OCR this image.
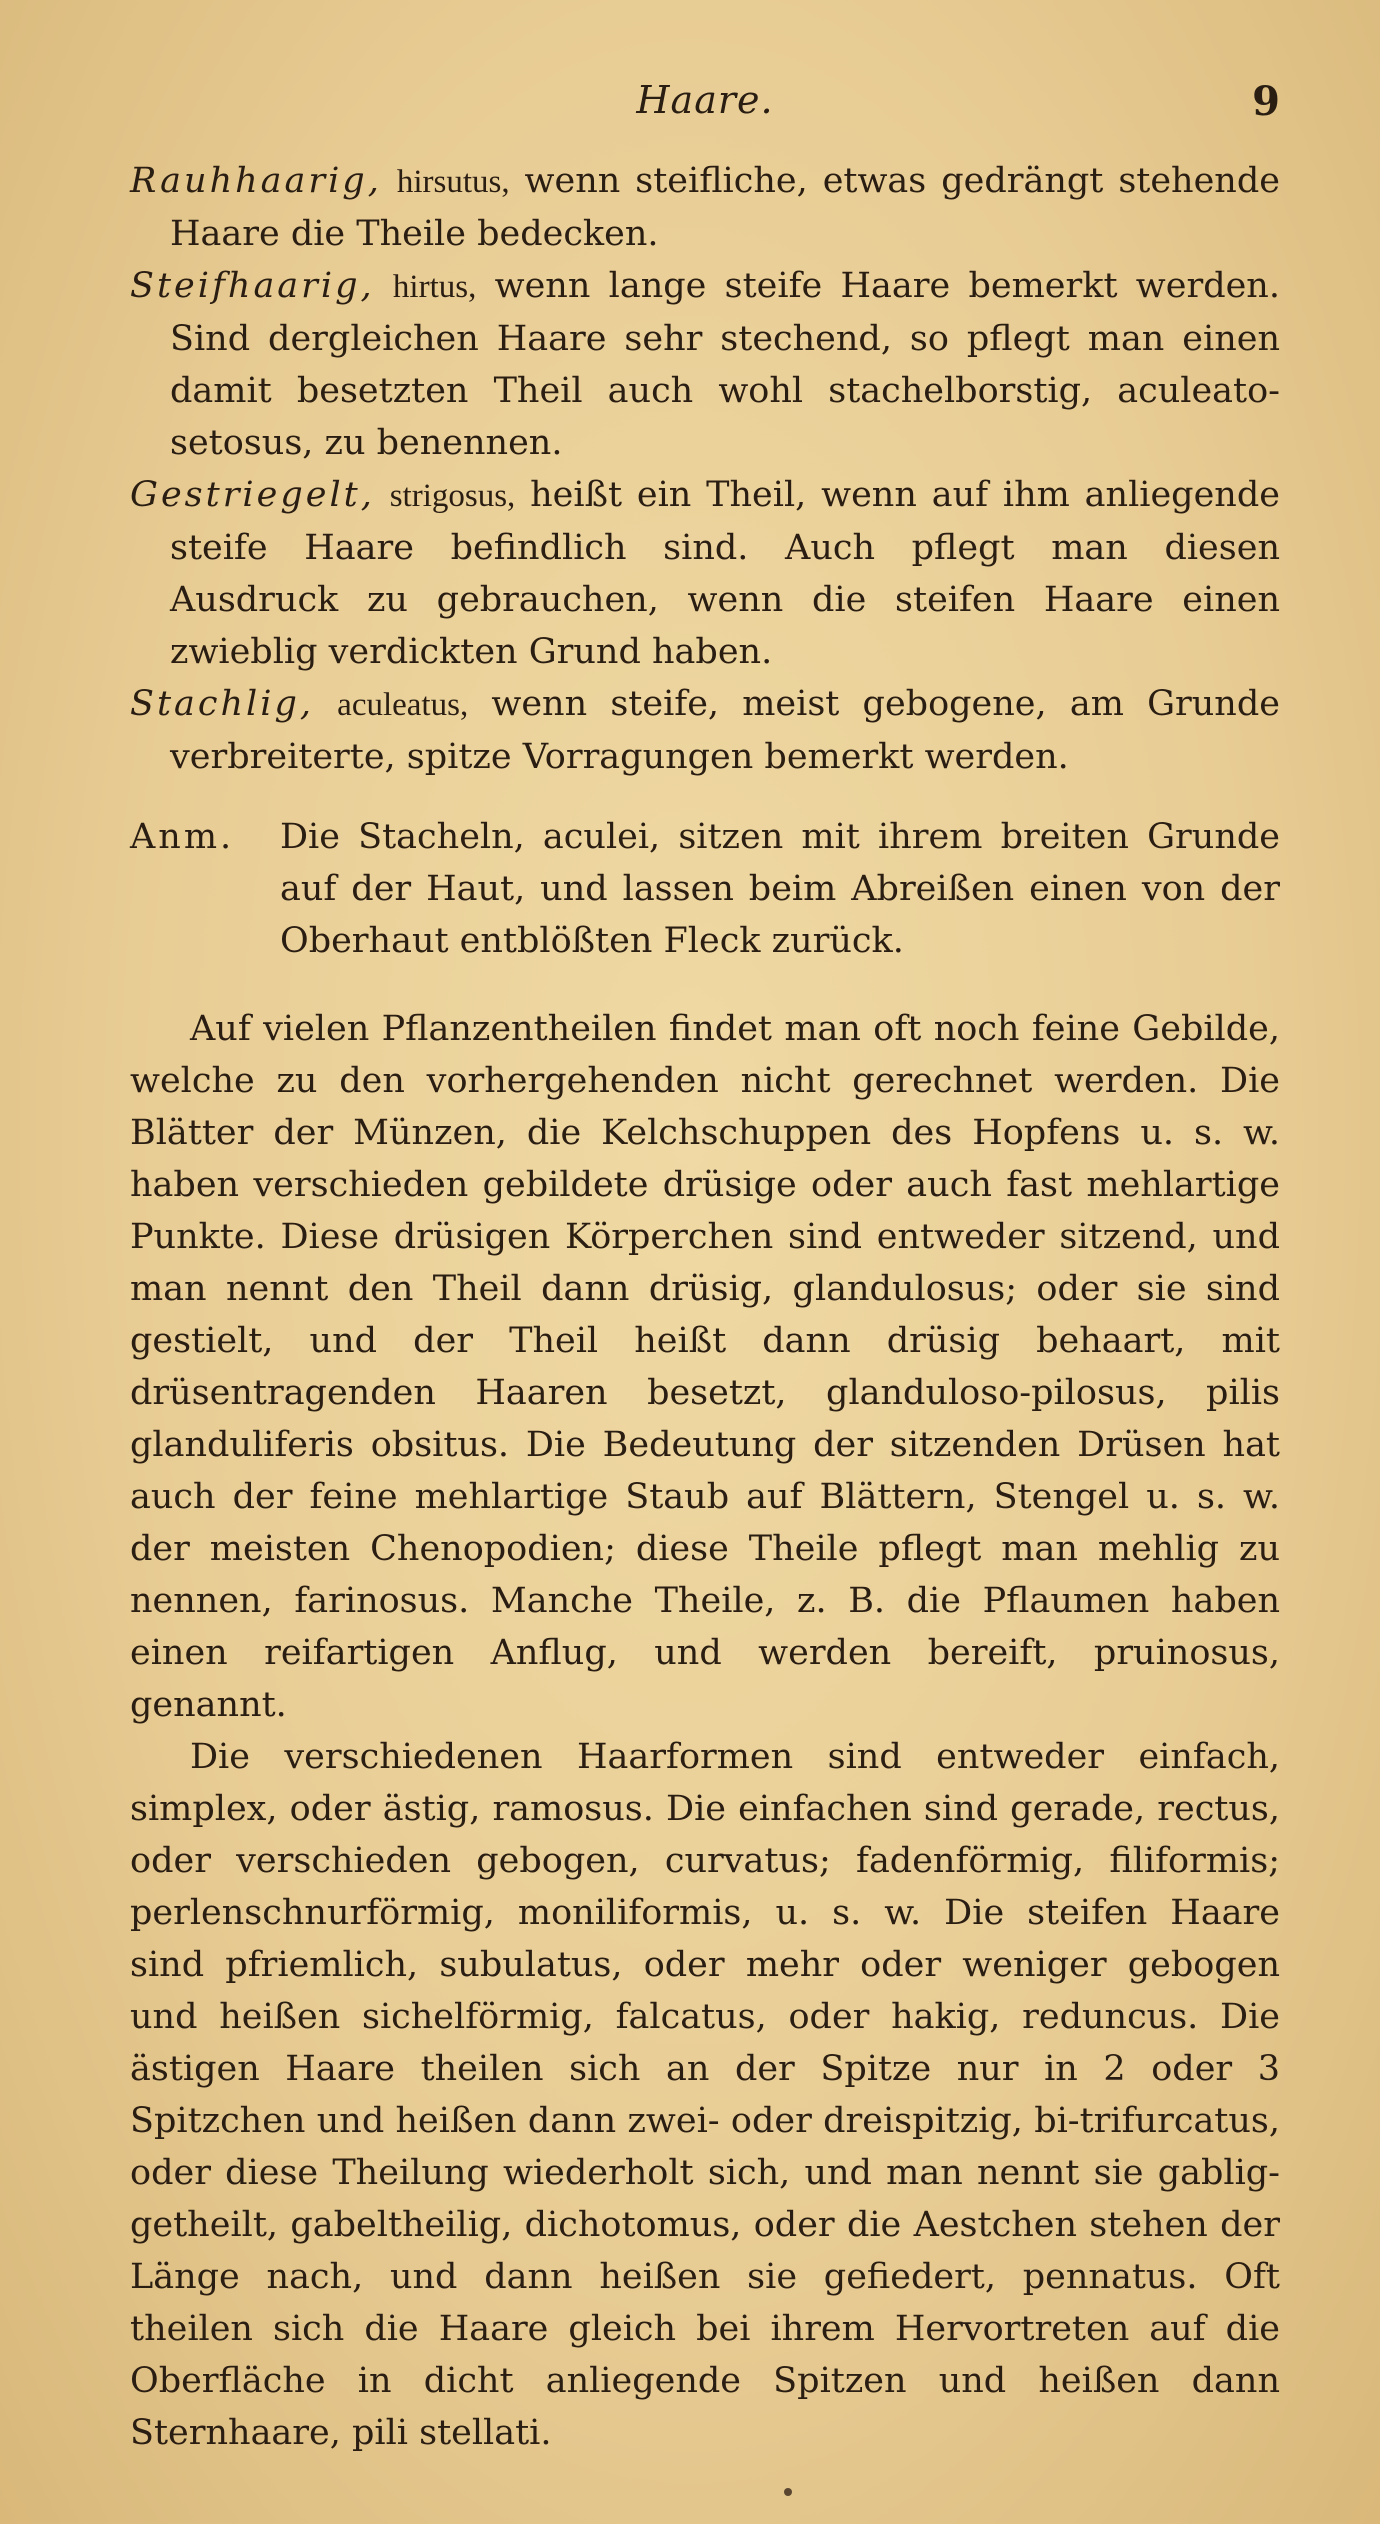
Haare.	9

Rauhhaarig, hirsutus, wenn steifliche, etwas gedrängt stehende Haare die Theile bedecken.

Steifhaarig, hirtus, wenn lange steife Haare bemerkt werden. Sind dergleichen Haare sehr stechend, so pflegt man einen damit besetzten Theil auch wohl stachelborstig, aculeato-setosus, zu benennen.

Gestriegelt, strigosus, heißt ein Theil, wenn auf ihm anliegende steife Haare befindlich sind. Auch pflegt man diesen Ausdruck zu gebrauchen, wenn die steifen Haare einen zwieblig verdickten Grund haben.

Stachlig, aculeatus, wenn steife, meist gebogene, am Grunde verbreiterte, spitze Vorragungen bemerkt werden.

Anm.	Die Stacheln, aculei, sitzen mit ihrem breiten Grunde auf der Haut, und lassen beim Abreißen einen von der Oberhaut entblößten Fleck zurück.

Auf vielen Pflanzentheilen findet man oft noch feine Gebilde, welche zu den vorhergehenden nicht gerechnet werden. Die Blätter der Münzen, die Kelchschuppen des Hopfens u. s. w. haben verschieden gebildete drüsige oder auch fast mehlartige Punkte. Diese drüsigen Körperchen sind entweder sitzend, und man nennt den Theil dann drüsig, glandulosus; oder sie sind gestielt, und der Theil heißt dann drüsig behaart, mit drüsentragenden Haaren besetzt, glanduloso-pilosus, pilis glanduliferis obsitus. Die Bedeutung der sitzenden Drüsen hat auch der feine mehlartige Staub auf Blättern, Stengel u. s. w. der meisten Chenopodien; diese Theile pflegt man mehlig zu nennen, farinosus. Manche Theile, z. B. die Pflaumen haben einen reifartigen Anflug, und werden bereift, pruinosus, genannt.

Die verschiedenen Haarformen sind entweder einfach, simplex, oder ästig, ramosus. Die einfachen sind gerade, rectus, oder verschieden gebogen, curvatus; fadenförmig, filiformis; perlenschnurförmig, moniliformis, u. s. w. Die steifen Haare sind pfriemlich, subulatus, oder mehr oder weniger gebogen und heißen sichelförmig, falcatus, oder hakig, reduncus. Die ästigen Haare theilen sich an der Spitze nur in 2 oder 3 Spitzchen und heißen dann zwei- oder dreispitzig, bi-trifurcatus, oder diese Theilung wiederholt sich, und man nennt sie gablig-getheilt, gabeltheilig, dichotomus, oder die Aestchen stehen der Länge nach, und dann heißen sie gefiedert, pennatus. Oft theilen sich die Haare gleich bei ihrem Hervortreten auf die Oberfläche in dicht anliegende Spitzen und heißen dann Sternhaare, pili stellati.
